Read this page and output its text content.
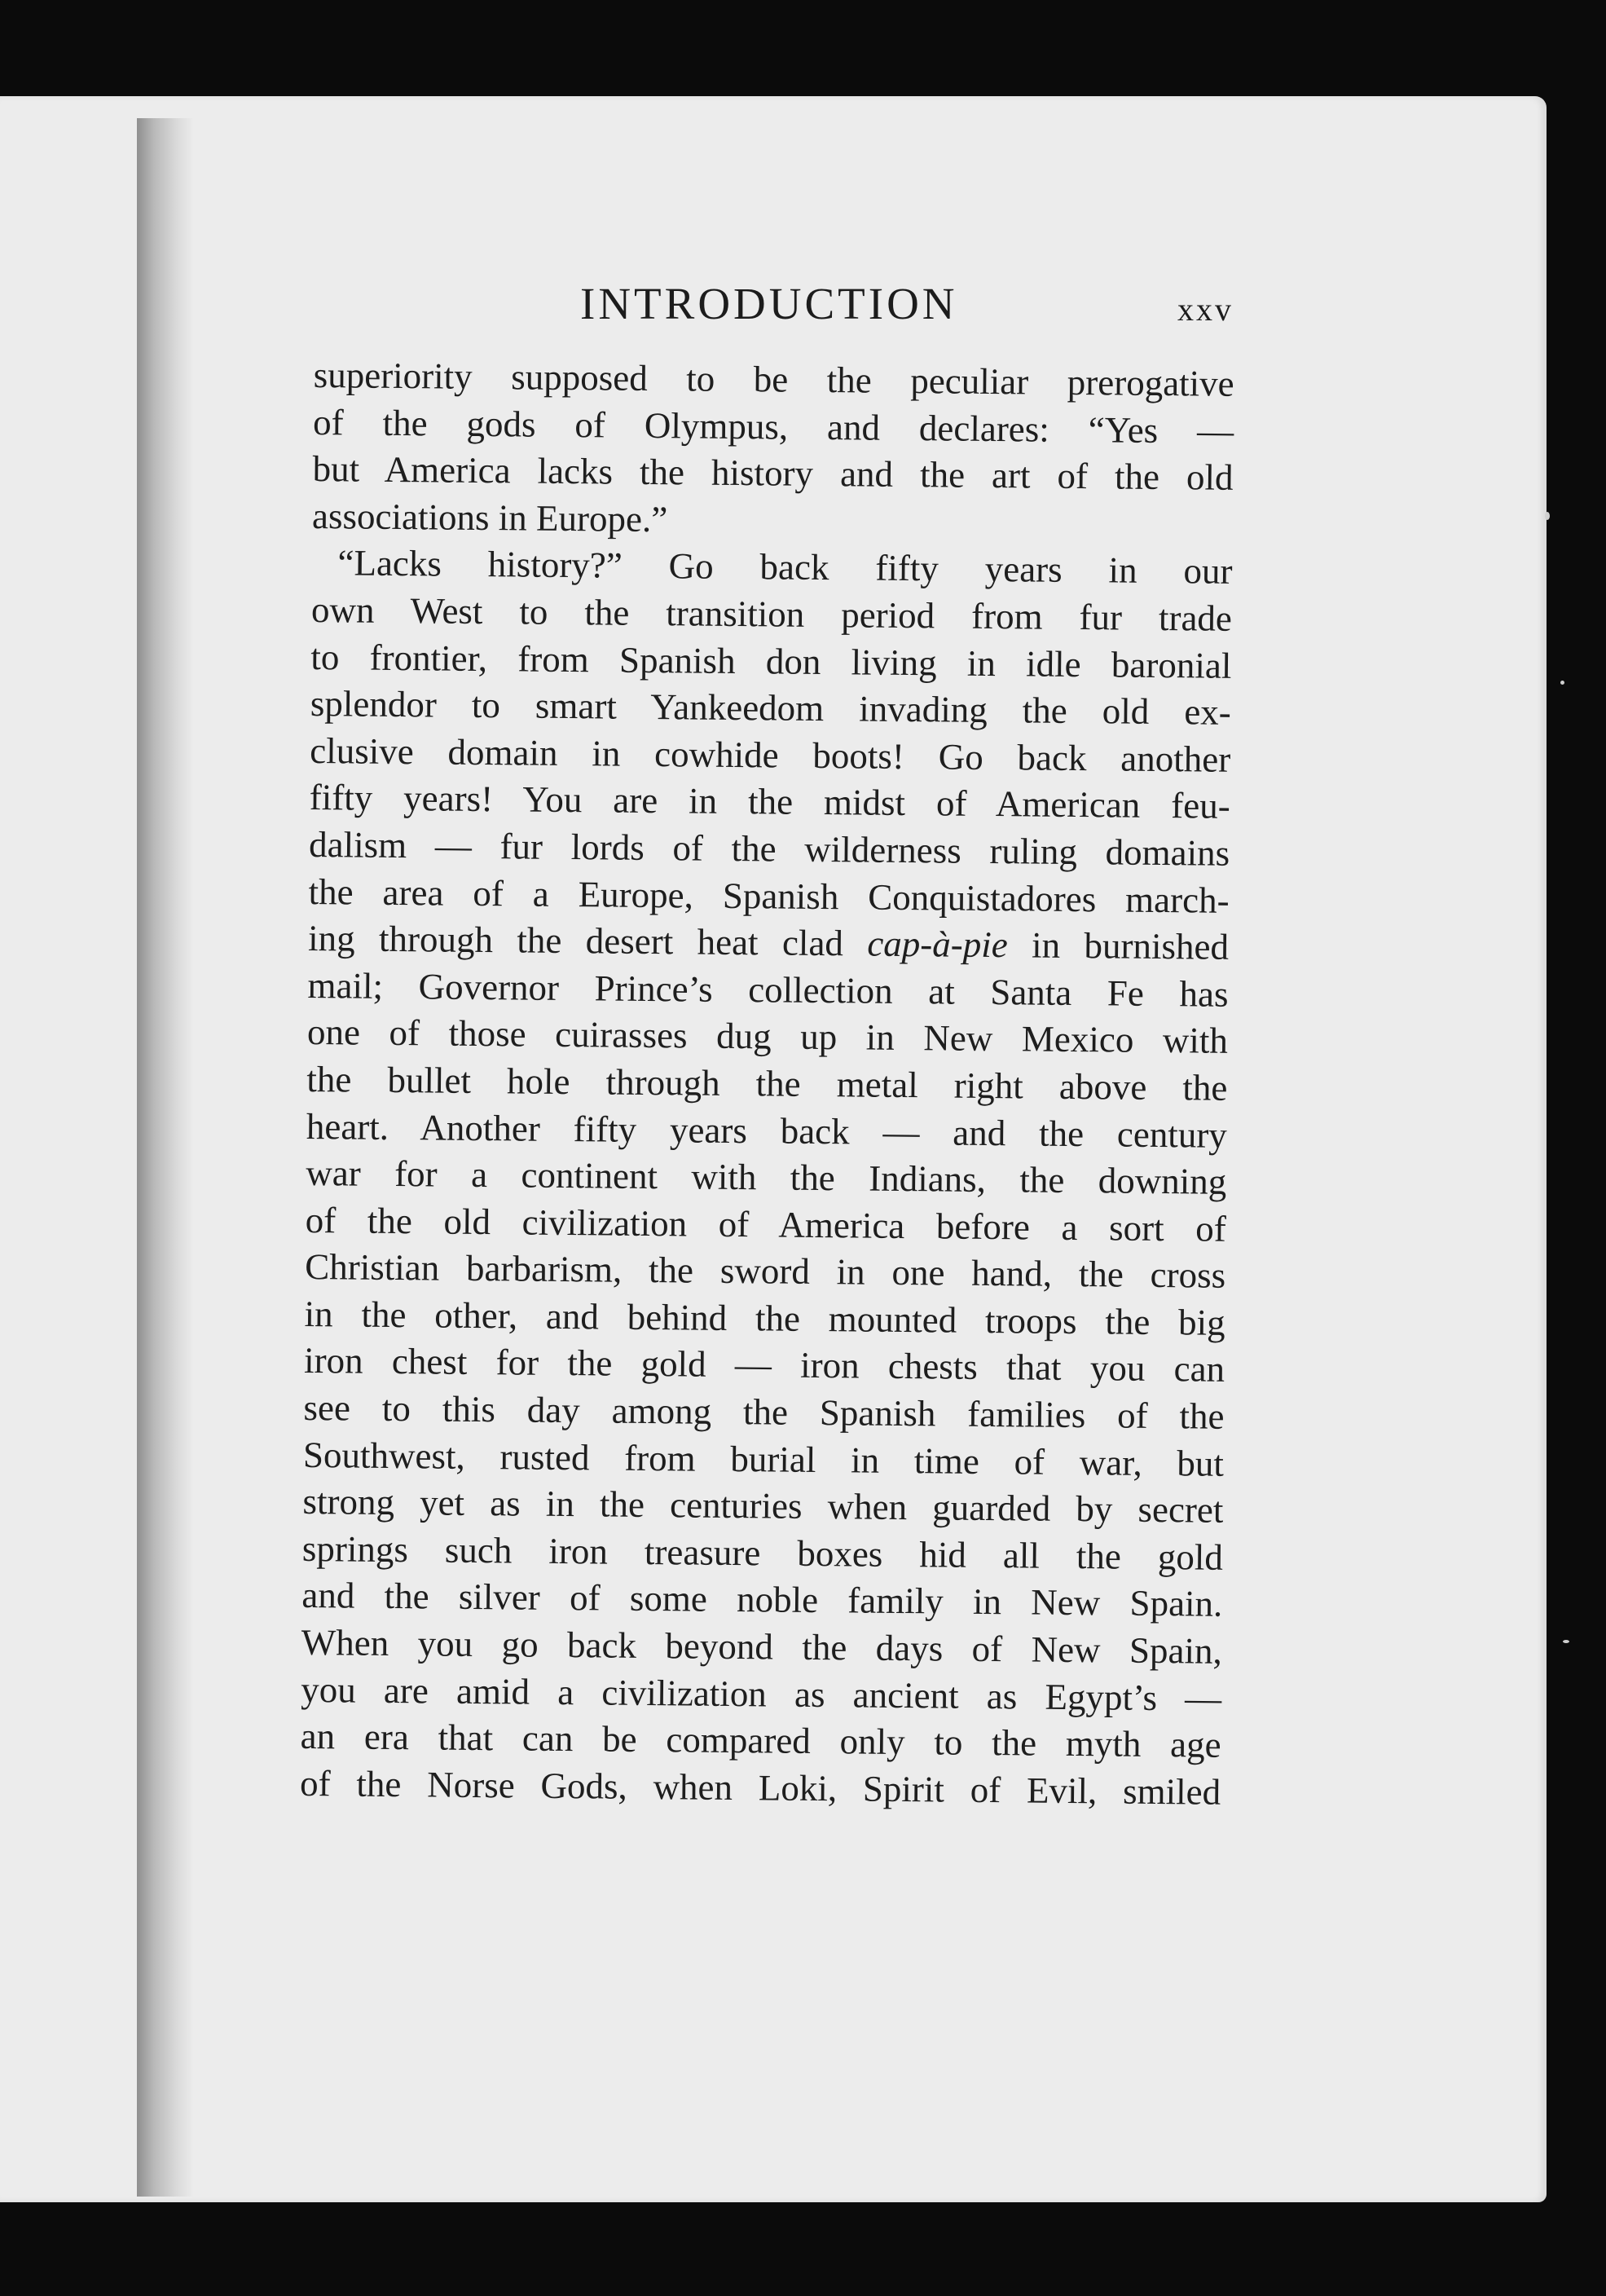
INTRODUCTION	xxv
superiority supposed to be the peculiar prerogative
of the gods of Olympus, and declares: “Yes —
but America lacks the history and the art of the old
associations in Europe.”
“Lacks history?” Go back fifty years in our
own West to the transition period from fur trade
to frontier, from Spanish don living in idle baronial
splendor to smart Yankeedom invading the old ex-
clusive domain in cowhide boots! Go back another
fifty years! You are in the midst of American feu-
dalism — fur lords of the wilderness ruling domains
the area of a Europe, Spanish Conquistadores march-
ing through the desert heat clad cap-à-pie in burnished
mail; Governor Prince’s collection at Santa Fe has
one of those cuirasses dug up in New Mexico with
the bullet hole through the metal right above the
heart. Another fifty years back — and the century
war for a continent with the Indians, the downing
of the old civilization of America before a sort of
Christian barbarism, the sword in one hand, the cross
in the other, and behind the mounted troops the big
iron chest for the gold — iron chests that you can
see to this day among the Spanish families of the
Southwest, rusted from burial in time of war, but
strong yet as in the centuries when guarded by secret
springs such iron treasure boxes hid all the gold
and the silver of some noble family in New Spain.
When you go back beyond the days of New Spain,
you are amid a civilization as ancient as Egypt’s —
an era that can be compared only to the myth age
of the Norse Gods, when Loki, Spirit of Evil, smiled
